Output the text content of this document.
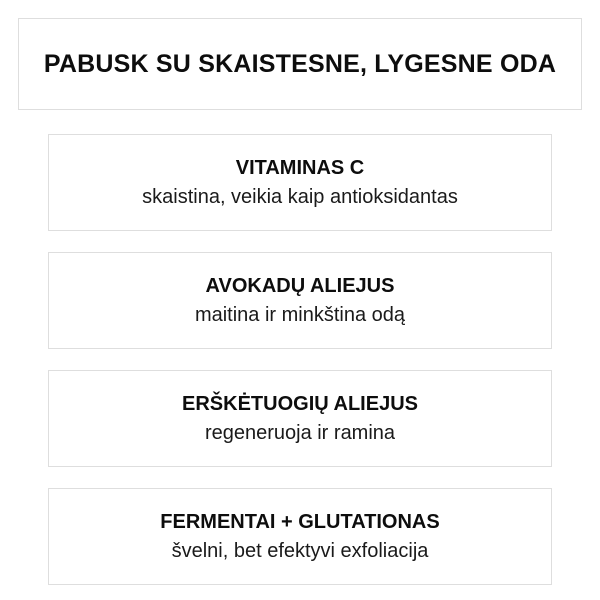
PABUSK SU SKAISTESNE, LYGESNE ODA
VITAMINAS C
skaistina, veikia kaip antioksidantas
AVOKADŲ ALIEJUS
maitina ir minkština odą
ERŠKĖTUOGIŲ ALIEJUS
regeneruoja ir ramina
FERMENTAI + GLUTATIONAS
švelni, bet efektyvi exfoliacija
